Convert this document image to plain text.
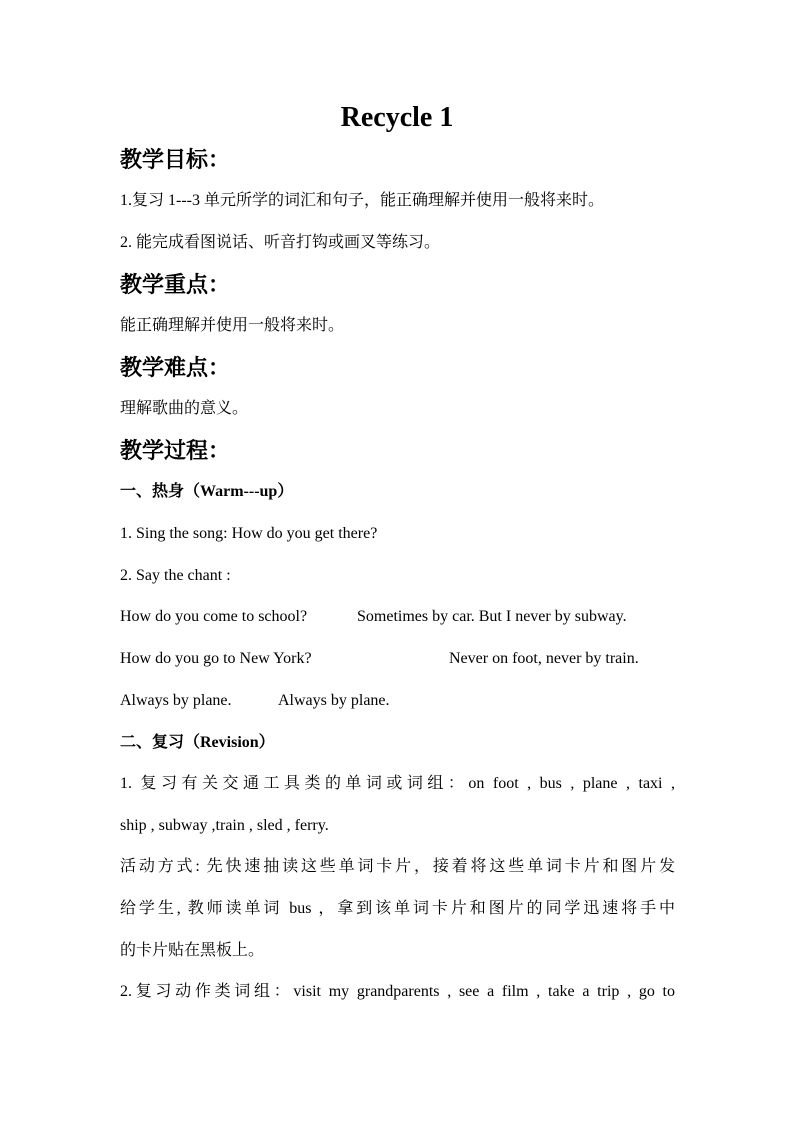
Recycle 1
教学目标：
1.复习 1---3 单元所学的词汇和句子，能正确理解并使用一般将来时。
2. 能完成看图说话、听音打钩或画叉等练习。
教学重点：
能正确理解并使用一般将来时。
教学难点：
理解歌曲的意义。
教学过程：
一、热身（Warm---up）
1. Sing the song: How do you get there?
2. Say the chant :
How do you come to school?	Sometimes by car. But I never by subway.
How do you go to New York?	Never on foot, never by train.
Always by plane.	Always by plane.
二、复习（Revision）
1. 复习有关交通工具类的单词或词组：on foot , bus , plane , taxi ,
ship , subway ,train , sled , ferry.
活动方式: 先快速抽读这些单词卡片，接着将这些单词卡片和图片发
给学生, 教师读单词 bus ，拿到该单词卡片和图片的同学迅速将手中
的卡片贴在黑板上。
2.复习动作类词组：visit my grandparents , see a film , take a trip , go to
